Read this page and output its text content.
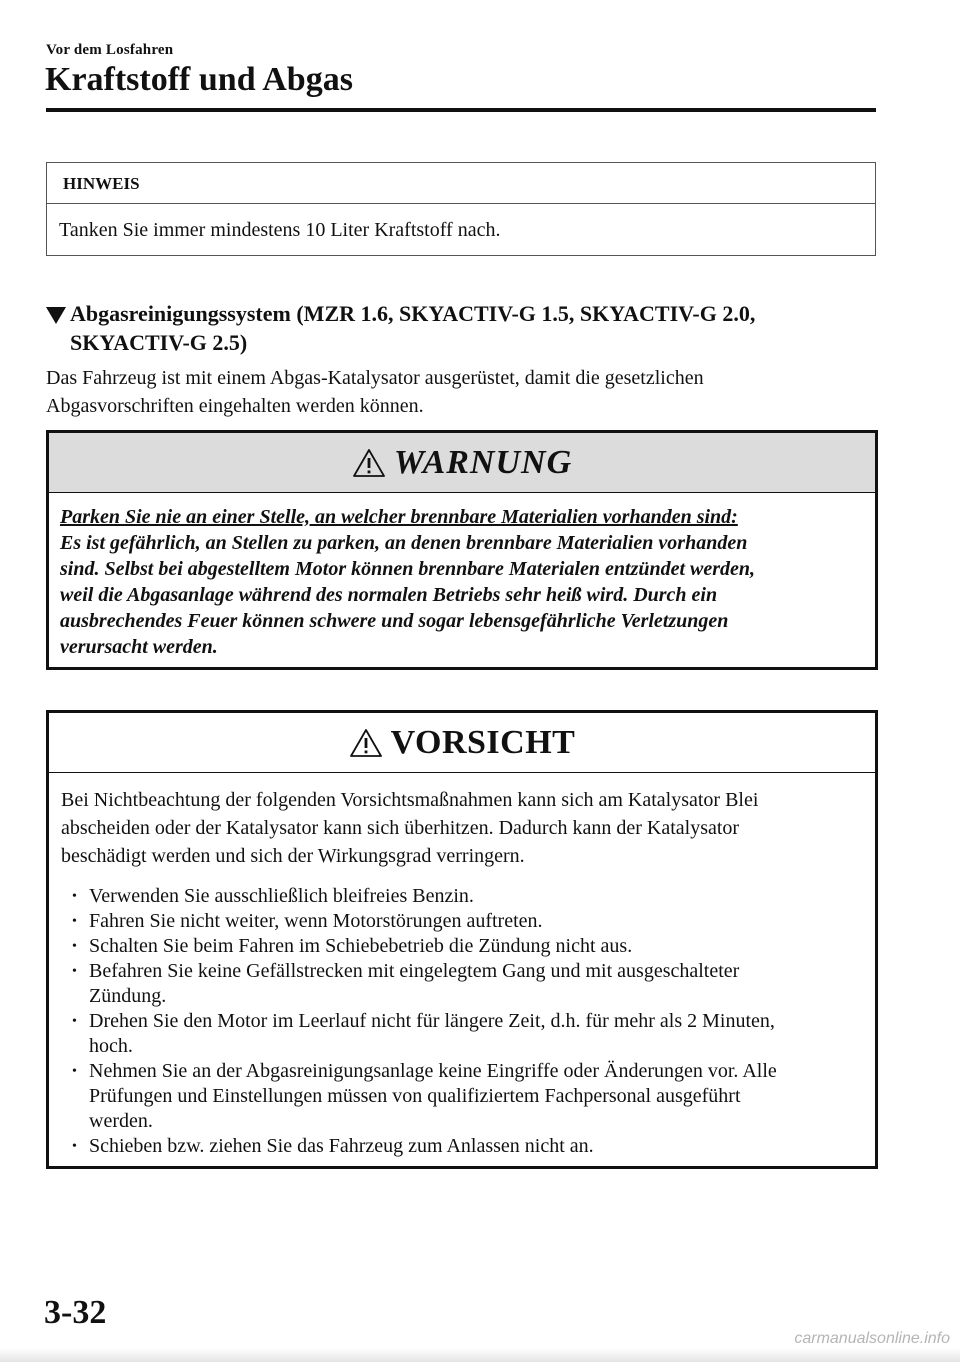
Vor dem Losfahren
Kraftstoff und Abgas
HINWEIS
Tanken Sie immer mindestens 10 Liter Kraftstoff nach.
Abgasreinigungssystem (MZR 1.6, SKYACTIV-G 1.5, SKYACTIV-G 2.0,
SKYACTIV-G 2.5)
Das Fahrzeug ist mit einem Abgas-Katalysator ausgerüstet, damit die gesetzlichen
Abgasvorschriften eingehalten werden können.
WARNUNG
Parken Sie nie an einer Stelle, an welcher brennbare Materialien vorhanden sind:
Es ist gefährlich, an Stellen zu parken, an denen brennbare Materialien vorhanden
sind. Selbst bei abgestelltem Motor können brennbare Materialen entzündet werden,
weil die Abgasanlage während des normalen Betriebs sehr heiß wird. Durch ein
ausbrechendes Feuer können schwere und sogar lebensgefährliche Verletzungen
verursacht werden.
VORSICHT
Bei Nichtbeachtung der folgenden Vorsichtsmaßnahmen kann sich am Katalysator Blei
abscheiden oder der Katalysator kann sich überhitzen. Dadurch kann der Katalysator
beschädigt werden und sich der Wirkungsgrad verringern.
• Verwenden Sie ausschließlich bleifreies Benzin.
• Fahren Sie nicht weiter, wenn Motorstörungen auftreten.
• Schalten Sie beim Fahren im Schiebebetrieb die Zündung nicht aus.
• Befahren Sie keine Gefällstrecken mit eingelegtem Gang und mit ausgeschalteter
Zündung.
• Drehen Sie den Motor im Leerlauf nicht für längere Zeit, d.h. für mehr als 2 Minuten,
hoch.
• Nehmen Sie an der Abgasreinigungsanlage keine Eingriffe oder Änderungen vor. Alle
Prüfungen und Einstellungen müssen von qualifiziertem Fachpersonal ausgeführt
werden.
• Schieben bzw. ziehen Sie das Fahrzeug zum Anlassen nicht an.
3-32
carmanualsonline.info
